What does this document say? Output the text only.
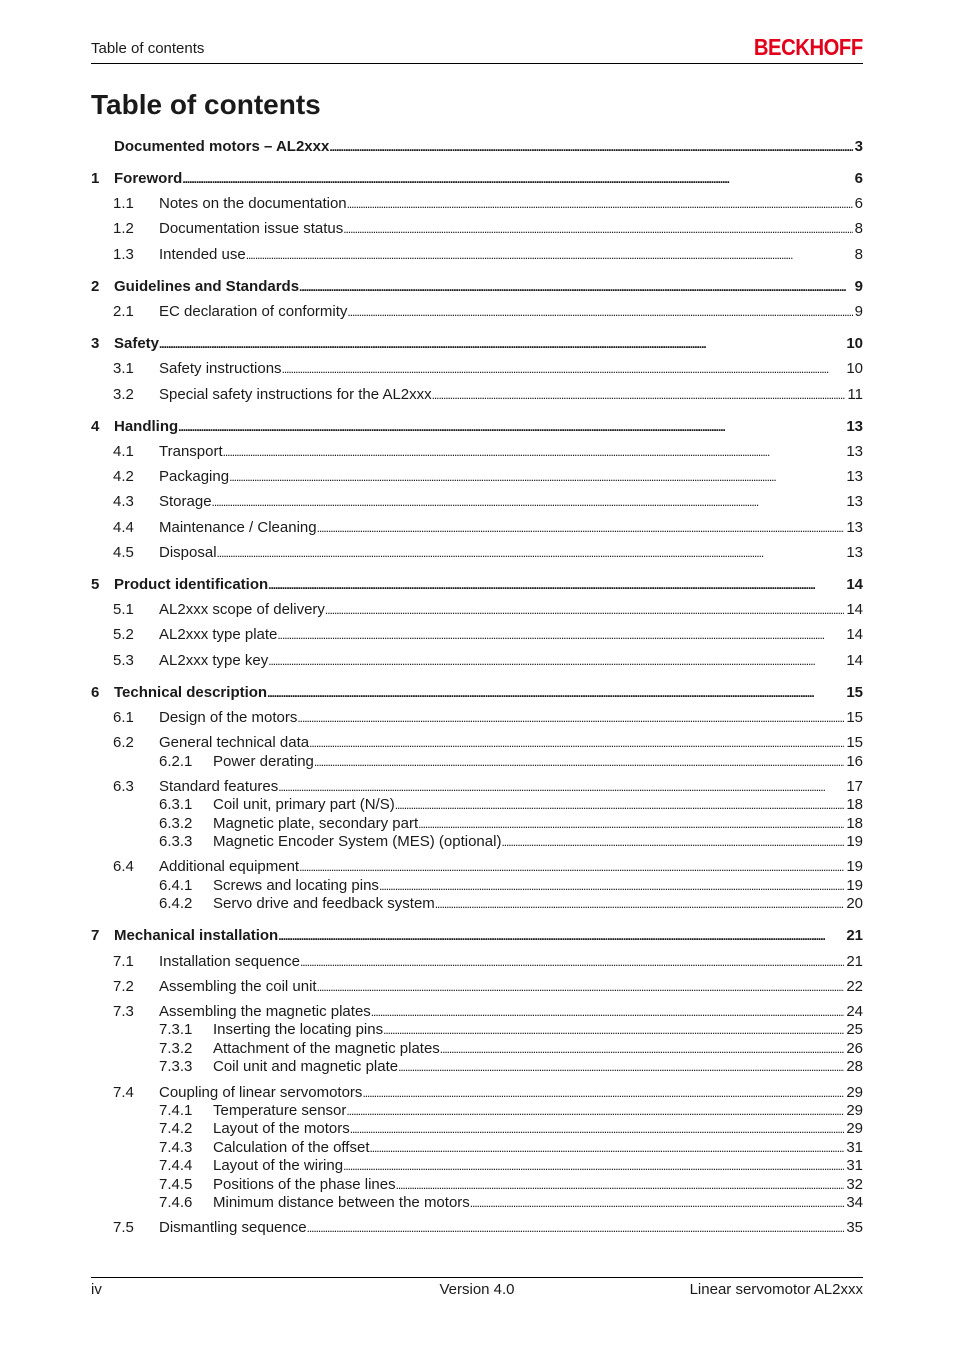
Table of contents	BECKHOFF
Table of contents
Documented motors – AL2xxx . . .	3
1 Foreword . . .	6
1.1 Notes on the documentation . . .	6
1.2 Documentation issue status . . .	8
1.3 Intended use . . .	8
2 Guidelines and Standards . . .	9
2.1 EC declaration of conformity . . .	9
3 Safety . . .	10
3.1 Safety instructions . . .	10
3.2 Special safety instructions for the AL2xxx . . .	11
4 Handling . . .	13
4.1 Transport . . .	13
4.2 Packaging . . .	13
4.3 Storage . . .	13
4.4 Maintenance / Cleaning . . .	13
4.5 Disposal . . .	13
5 Product identification . . .	14
5.1 AL2xxx scope of delivery . . .	14
5.2 AL2xxx type plate . . .	14
5.3 AL2xxx type key . . .	14
6 Technical description . . .	15
6.1 Design of the motors . . .	15
6.2 General technical data . . .	15
6.2.1 Power derating . . .	16
6.3 Standard features . . .	17
6.3.1 Coil unit, primary part (N/S) . . .	18
6.3.2 Magnetic plate, secondary part . . .	18
6.3.3 Magnetic Encoder System (MES) (optional) . . .	19
6.4 Additional equipment . . .	19
6.4.1 Screws and locating pins . . .	19
6.4.2 Servo drive and feedback system . . .	20
7 Mechanical installation . . .	21
7.1 Installation sequence . . .	21
7.2 Assembling the coil unit . . .	22
7.3 Assembling the magnetic plates . . .	24
7.3.1 Inserting the locating pins . . .	25
7.3.2 Attachment of the magnetic plates . . .	26
7.3.3 Coil unit and magnetic plate . . .	28
7.4 Coupling of linear servomotors . . .	29
7.4.1 Temperature sensor . . .	29
7.4.2 Layout of the motors . . .	29
7.4.3 Calculation of the offset . . .	31
7.4.4 Layout of the wiring . . .	31
7.4.5 Positions of the phase lines . . .	32
7.4.6 Minimum distance between the motors . . .	34
7.5 Dismantling sequence . . .	35
iv	Version 4.0	Linear servomotor AL2xxx
